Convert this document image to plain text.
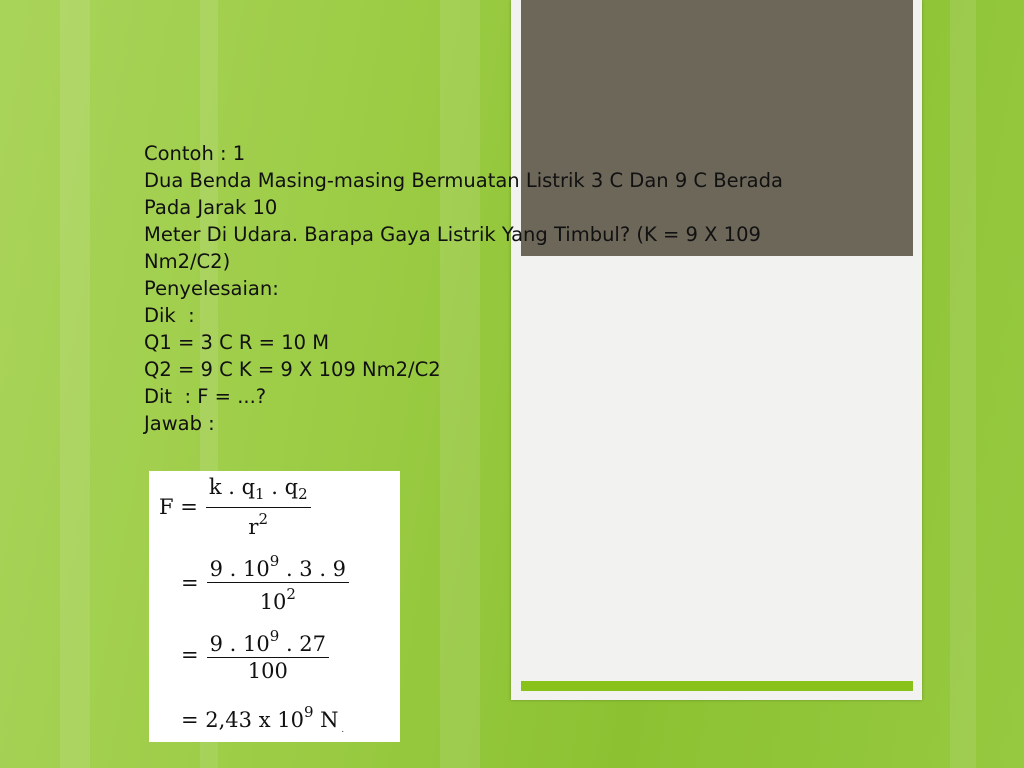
Contoh : 1
Dua Benda Masing-masing Bermuatan Listrik 3 C Dan 9 C Berada
Pada Jarak 10
Meter Di Udara. Barapa Gaya Listrik Yang Timbul? (K = 9 X 109
Nm2/C2)
Penyelesaian:
Dik  :
Q1 = 3 C R = 10 M
Q2 = 9 C K = 9 X 109 Nm2/C2
Dit  : F = ...?
Jawab :
$F = \frac{k . q_1 . q_2}{r^2}$
= $\frac{9 . 10^9 . 3 . 9}{10^2}$
= $\frac{9 . 10^9 . 27}{100}$
= 2,43 x $10^9$ N .
